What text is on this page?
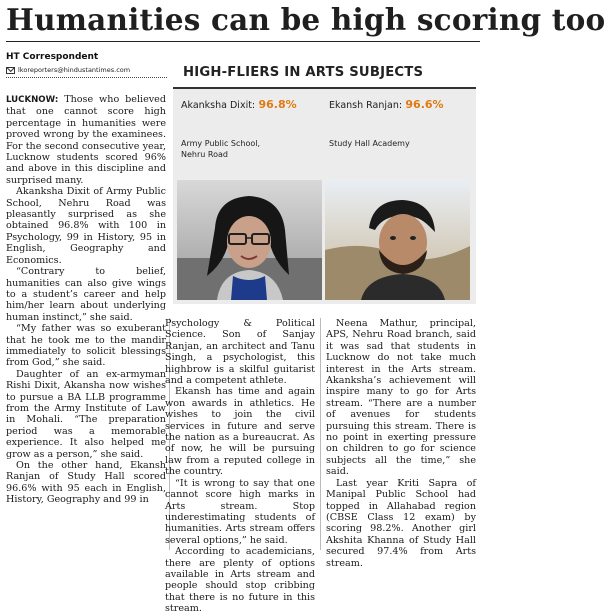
Humanities can be high scoring too
HT Correspondent
lkoreporters@hindustantimes.com

LUCKNOW: Those who believed that one cannot score high percentage in humanities were proved wrong by the examinees. For the second consecutive year, Lucknow students scored 96% and above in this discipline and surprised many.

Akanksha Dixit of Army Public School, Nehru Road was pleasantly surprised as she obtained 96.8% with 100 in Psychology, 99 in History, 95 in English, Geography and Economics.

“Contrary to belief, humanities can also give wings to a student’s career and help him/her learn about underlying human instinct,” she said.

“My father was so exuberant that he took me to the mandir immediately to solicit blessings from God,” she said.

Daughter of an ex-armyman Rishi Dixit, Akansha now wishes to pursue a BA LLB programme from the Army Institute of Law in Mohali. “The preparation period was a memorable experience. It also helped me grow as a person,” she said.

On the other hand, Ekansh Ranjan of Study Hall scored 96.6% with 95 each in English, History, Geography and 99 in

Psychology & Political Science. Son of Sanjay Ranjan, an architect and Tanu Singh, a psychologist, this highbrow is a skilful guitarist and a competent athlete.

Ekansh has time and again won awards in athletics. He wishes to join the civil services in future and serve the nation as a bureaucrat. As of now, he will be pursuing law from a reputed college in the country.

“It is wrong to say that one cannot score high marks in Arts stream. Stop underestimating students of humanities. Arts stream offers several options,” he said.

According to academicians, there are plenty of options available in Arts stream and people should stop cribbing that there is no future in this stream.

Neena Mathur, principal, APS, Nehru Road branch, said it was sad that students in Lucknow do not take much interest in the Arts stream. Akanksha’s achievement will inspire many to go for Arts stream. “There are a number of avenues for students pursuing this stream. There is no point in exerting pressure on children to go for science subjects all the time,” she said.

Last year Kriti Sapra of Manipal Public School had topped in Allahabad region (CBSE Class 12 exam) by scoring 98.2%. Another girl Akshita Khanna of Study Hall secured 97.4% from Arts stream.

HIGH-FLIERS IN ARTS SUBJECTS
Akanksha Dixit: 96.8%
Army Public School,
Nehru Road
Ekansh Ranjan: 96.6%
Study Hall Academy
